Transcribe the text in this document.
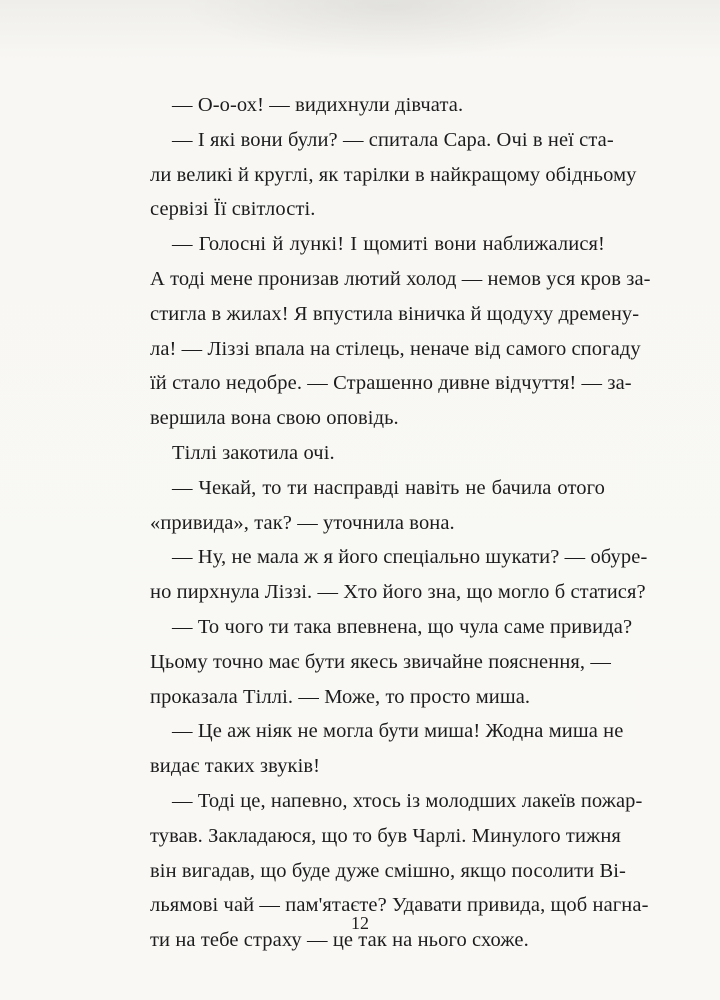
— О-о-ох! — видихнули дівчата.
— І які вони були? — спитала Сара. Очі в неї ста-
ли великі й круглі, як тарілки в найкращому обідньому
сервізі Її світлості.
— Голосні й лункі! І щомиті вони наближалися!
А тоді мене пронизав лютий холод — немов уся кров за-
стигла в жилах! Я впустила віничка й щодуху дремену-
ла! — Ліззі впала на стілець, неначе від самого спогаду
їй стало недобре. — Страшенно дивне відчуття! — за-
вершила вона свою оповідь.
Тіллі закотила очі.
— Чекай, то ти насправді навіть не бачила отого
«привида», так? — уточнила вона.
— Ну, не мала ж я його спеціально шукати? — обурe-
но пирхнула Ліззі. — Хто його зна, що могло б статися?
— То чого ти така впевнена, що чула саме привида?
Цьому точно має бути якесь звичайне пояснення, —
проказала Тіллі. — Може, то просто миша.
— Це аж ніяк не могла бути миша! Жодна миша не
видає таких звуків!
— Тоді це, напевно, хтось із молодших лакеїв пожар-
тував. Закладаюся, що то був Чарлі. Минулого тижня
він вигадав, що буде дуже смішно, якщо посолити Ві-
льямові чай — пам'ятаєте? Удавати привида, щоб нагна-
ти на тебе страху — це так на нього схоже.
12
